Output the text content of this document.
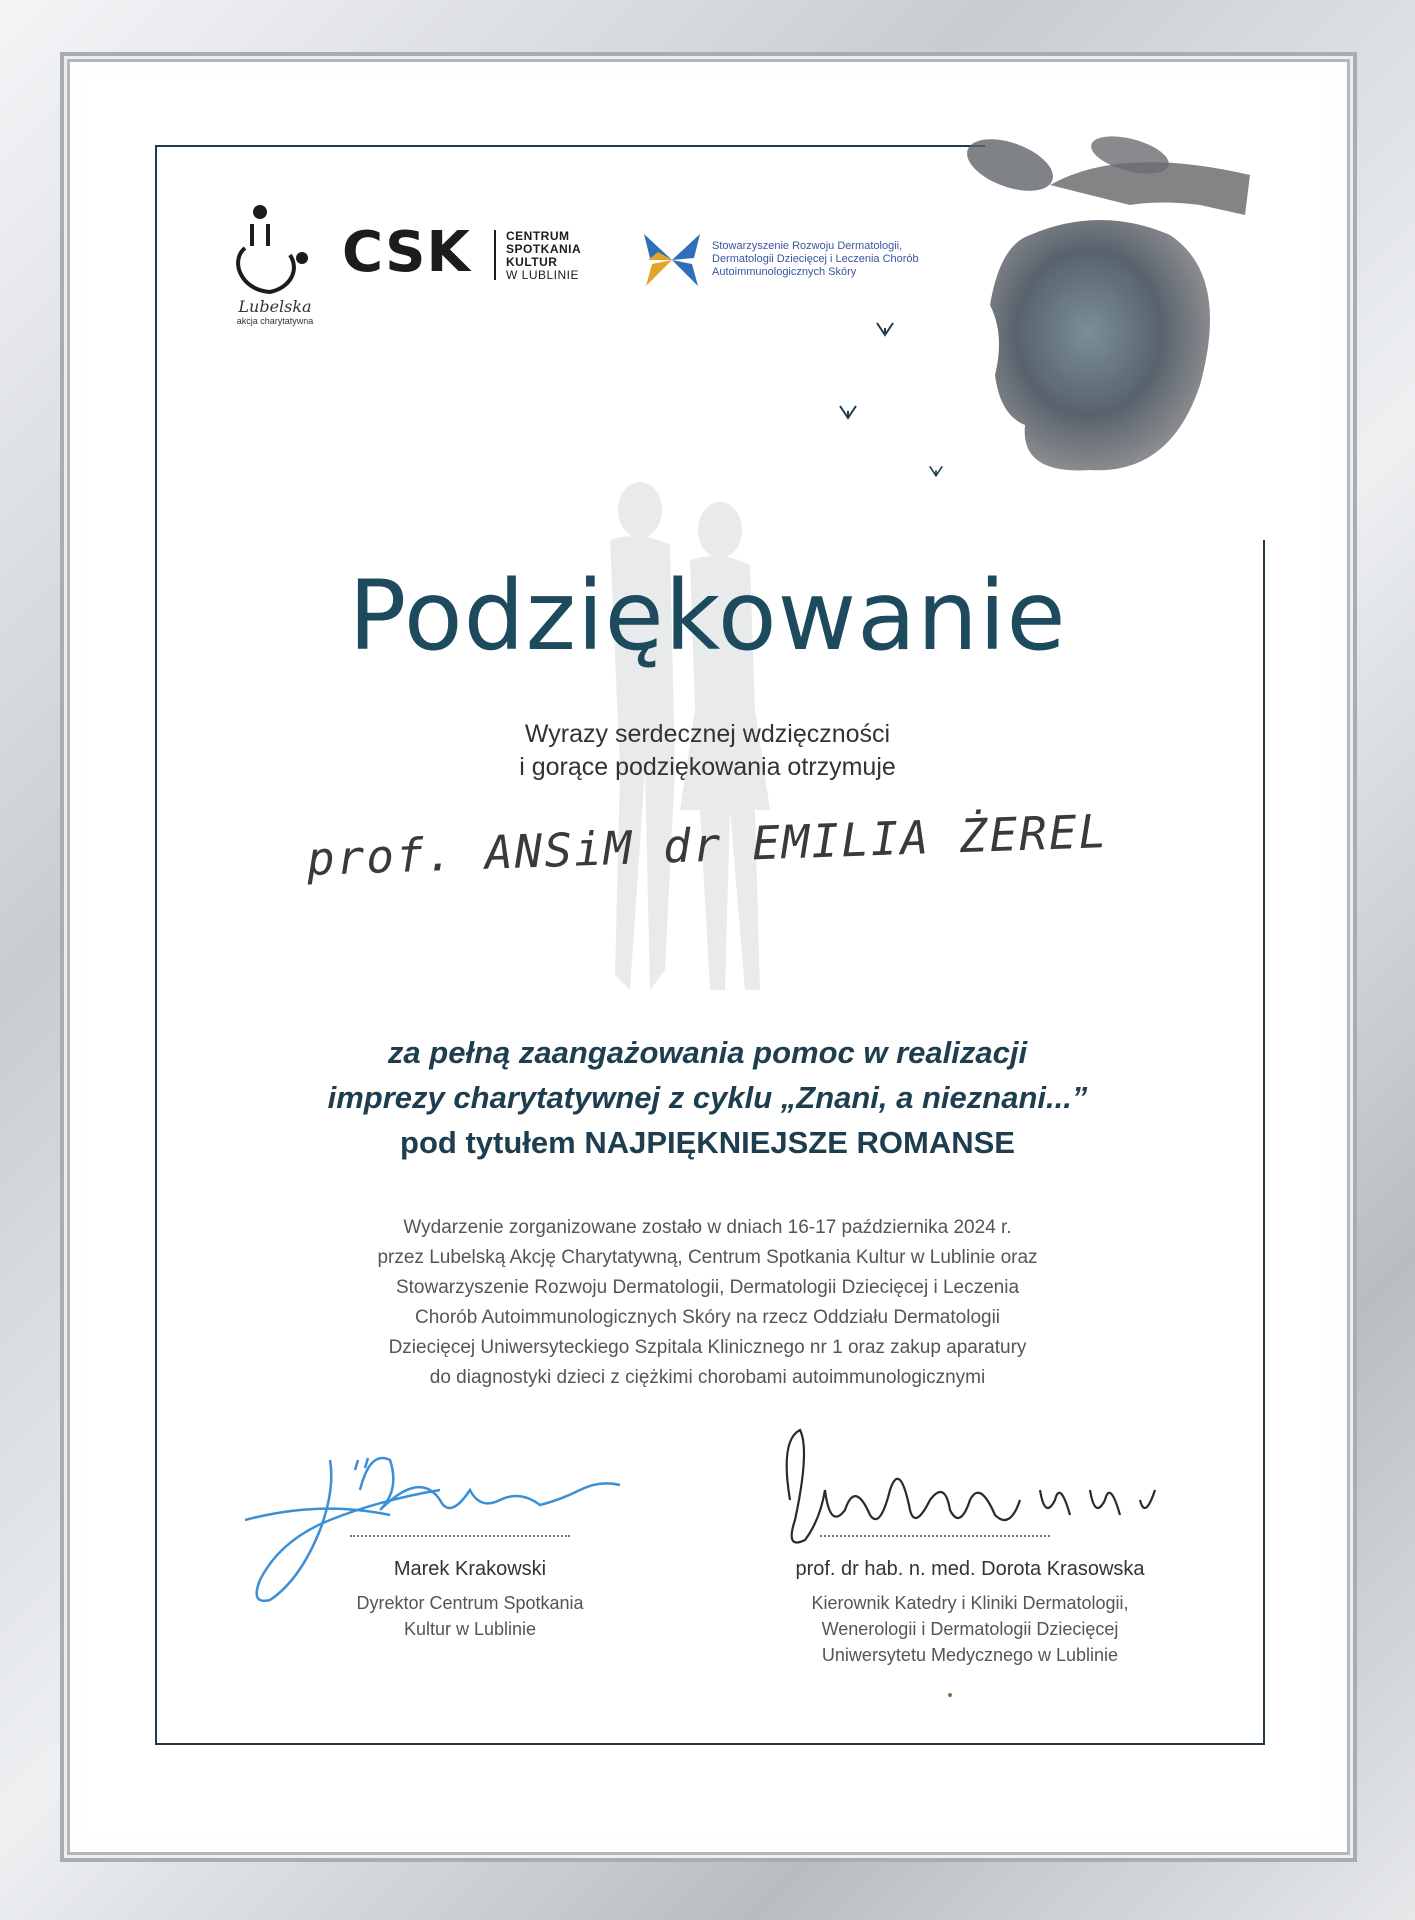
Lubelska
akcja charytatywna
CSK	CENTRUM
SPOTKANIA
KULTUR
W LUBLINIE
Stowarzyszenie Rozwoju Dermatologii,
Dermatologii Dziecięcej i Leczenia Chorób
Autoimmunologicznych Skóry
Podziękowanie
Wyrazy serdecznej wdzięczności
i gorące podziękowania otrzymuje
prof. ANSiM dr EMILIA ŻEREL
za pełną zaangażowania pomoc w realizacji
imprezy charytatywnej z cyklu „Znani, a nieznani...”
pod tytułem NAJPIĘKNIEJSZE ROMANSE
Wydarzenie zorganizowane zostało w dniach 16-17 października 2024 r.
przez Lubelską Akcję Charytatywną, Centrum Spotkania Kultur w Lublinie oraz
Stowarzyszenie Rozwoju Dermatologii, Dermatologii Dziecięcej i Leczenia
Chorób Autoimmunologicznych Skóry na rzecz Oddziału Dermatologii
Dziecięcej Uniwersyteckiego Szpitala Klinicznego nr 1 oraz zakup aparatury
do diagnostyki dzieci z ciężkimi chorobami autoimmunologicznymi
Marek Krakowski
Dyrektor Centrum Spotkania
Kultur w Lublinie
prof. dr hab. n. med. Dorota Krasowska
Kierownik Katedry i Kliniki Dermatologii,
Wenerologii i Dermatologii Dziecięcej
Uniwersytetu Medycznego w Lublinie
